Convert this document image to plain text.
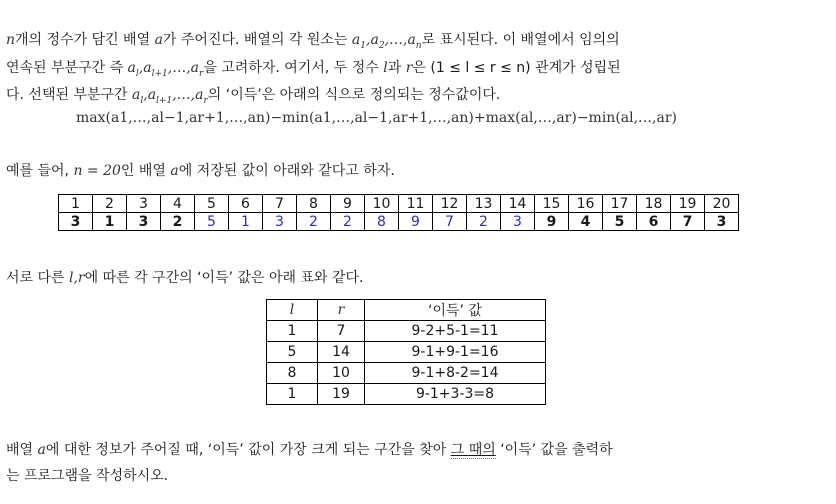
n개의 정수가 담긴 배열 a가 주어진다. 배열의 각 원소는 $a_1,a_2,\dots,a_n$로 표시된다. 이 배열에서 임의의
연속된 부분구간 즉 $a_l,a_{l+1},\dots,a_r$을 고려하자. 여기서, 두 정수 l과 r은 (1 ≤ l ≤ r ≤ n) 관계가 성립된
다. 선택된 부분구간 $a_l,a_{l+1},\dots,a_r$의 ‘이득’은 아래의 식으로 정의되는 정수값이다.
max(a1,…,al−1,ar+1,…,an)−min(a1,…,al−1,ar+1,…,an)+max(al,…,ar)−min(al,…,ar)
예를 들어, n = 20인 배열 a에 저장된 값이 아래와 같다고 하자.
1	2	3	4	5	6	7	8	9	10	11	12	13	14	15	16	17	18	19	20
3	1	3	2	5	1	3	2	2	8	9	7	2	3	9	4	5	6	7	3
서로 다른 l,r에 따른 각 구간의 ‘이득’ 값은 아래 표와 같다.
l	r	‘이득’ 값
1	7	9-2+5-1=11
5	14	9-1+9-1=16
8	10	9-1+8-2=14
1	19	9-1+3-3=8
배열 a에 대한 정보가 주어질 때, ‘이득’ 값이 가장 크게 되는 구간을 찾아 그 때의 ‘이득’ 값을 출력하
는 프로그램을 작성하시오.
